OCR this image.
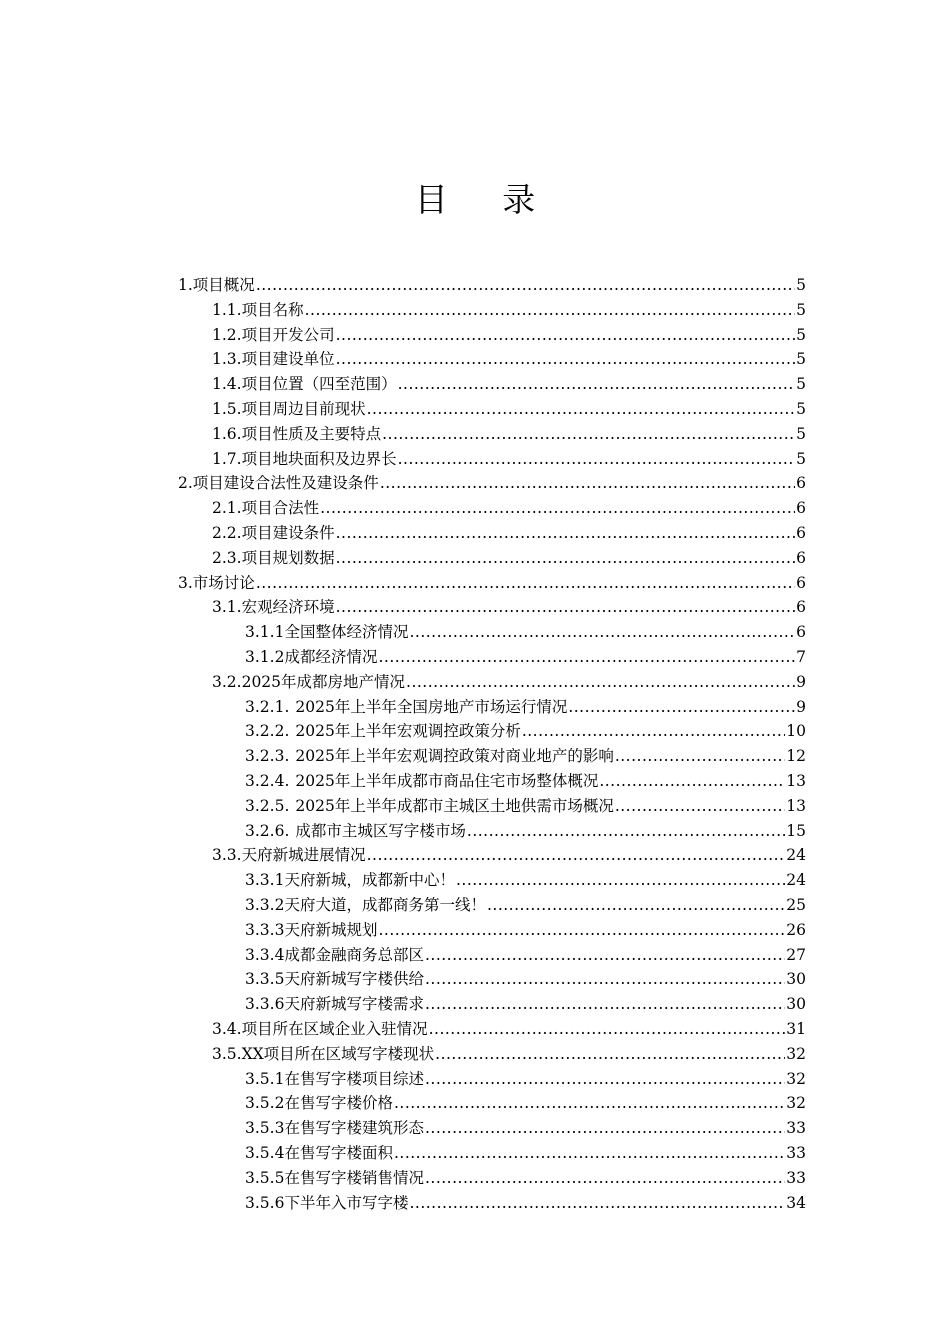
目 录
1. 项目概况 .....	5
1.1. 项目名称 .....	5
1.2. 项目开发公司 .....	5
1.3. 项目建设单位 .....	5
1.4. 项目位置（四至范围） .....	5
1.5. 项目周边目前现状 .....	5
1.6. 项目性质及主要特点 .....	5
1.7. 项目地块面积及边界长 .....	5
2. 项目建设合法性及建设条件 .....	6
2.1. 项目合法性 .....	6
2.2. 项目建设条件 .....	6
2.3. 项目规划数据 .....	6
3. 市场讨论 .....	6
3.1. 宏观经济环境 .....	6
3.1.1 全国整体经济情况 .....	6
3.1.2 成都经济情况 .....	7
3.2. 2025年成都房地产情况 .....	9
3.2.1. 2025年上半年全国房地产市场运行情况 .....	9
3.2.2. 2025年上半年宏观调控政策分析 .....	10
3.2.3. 2025年上半年宏观调控政策对商业地产的影响 .....	12
3.2.4. 2025年上半年成都市商品住宅市场整体概况 .....	13
3.2.5. 2025年上半年成都市主城区土地供需市场概况 .....	13
3.2.6. 成都市主城区写字楼市场 .....	15
3.3. 天府新城进展情况 .....	24
3.3.1 天府新城，成都新中心！ .....	24
3.3.2 天府大道，成都商务第一线！ .....	25
3.3.3 天府新城规划 .....	26
3.3.4 成都金融商务总部区 .....	27
3.3.5 天府新城写字楼供给 .....	30
3.3.6 天府新城写字楼需求 .....	30
3.4. 项目所在区域企业入驻情况 .....	31
3.5. XX项目所在区域写字楼现状 .....	32
3.5.1 在售写字楼项目综述 .....	32
3.5.2 在售写字楼价格 .....	32
3.5.3 在售写字楼建筑形态 .....	33
3.5.4 在售写字楼面积 .....	33
3.5.5 在售写字楼销售情况 .....	33
3.5.6 下半年入市写字楼 .....	34
